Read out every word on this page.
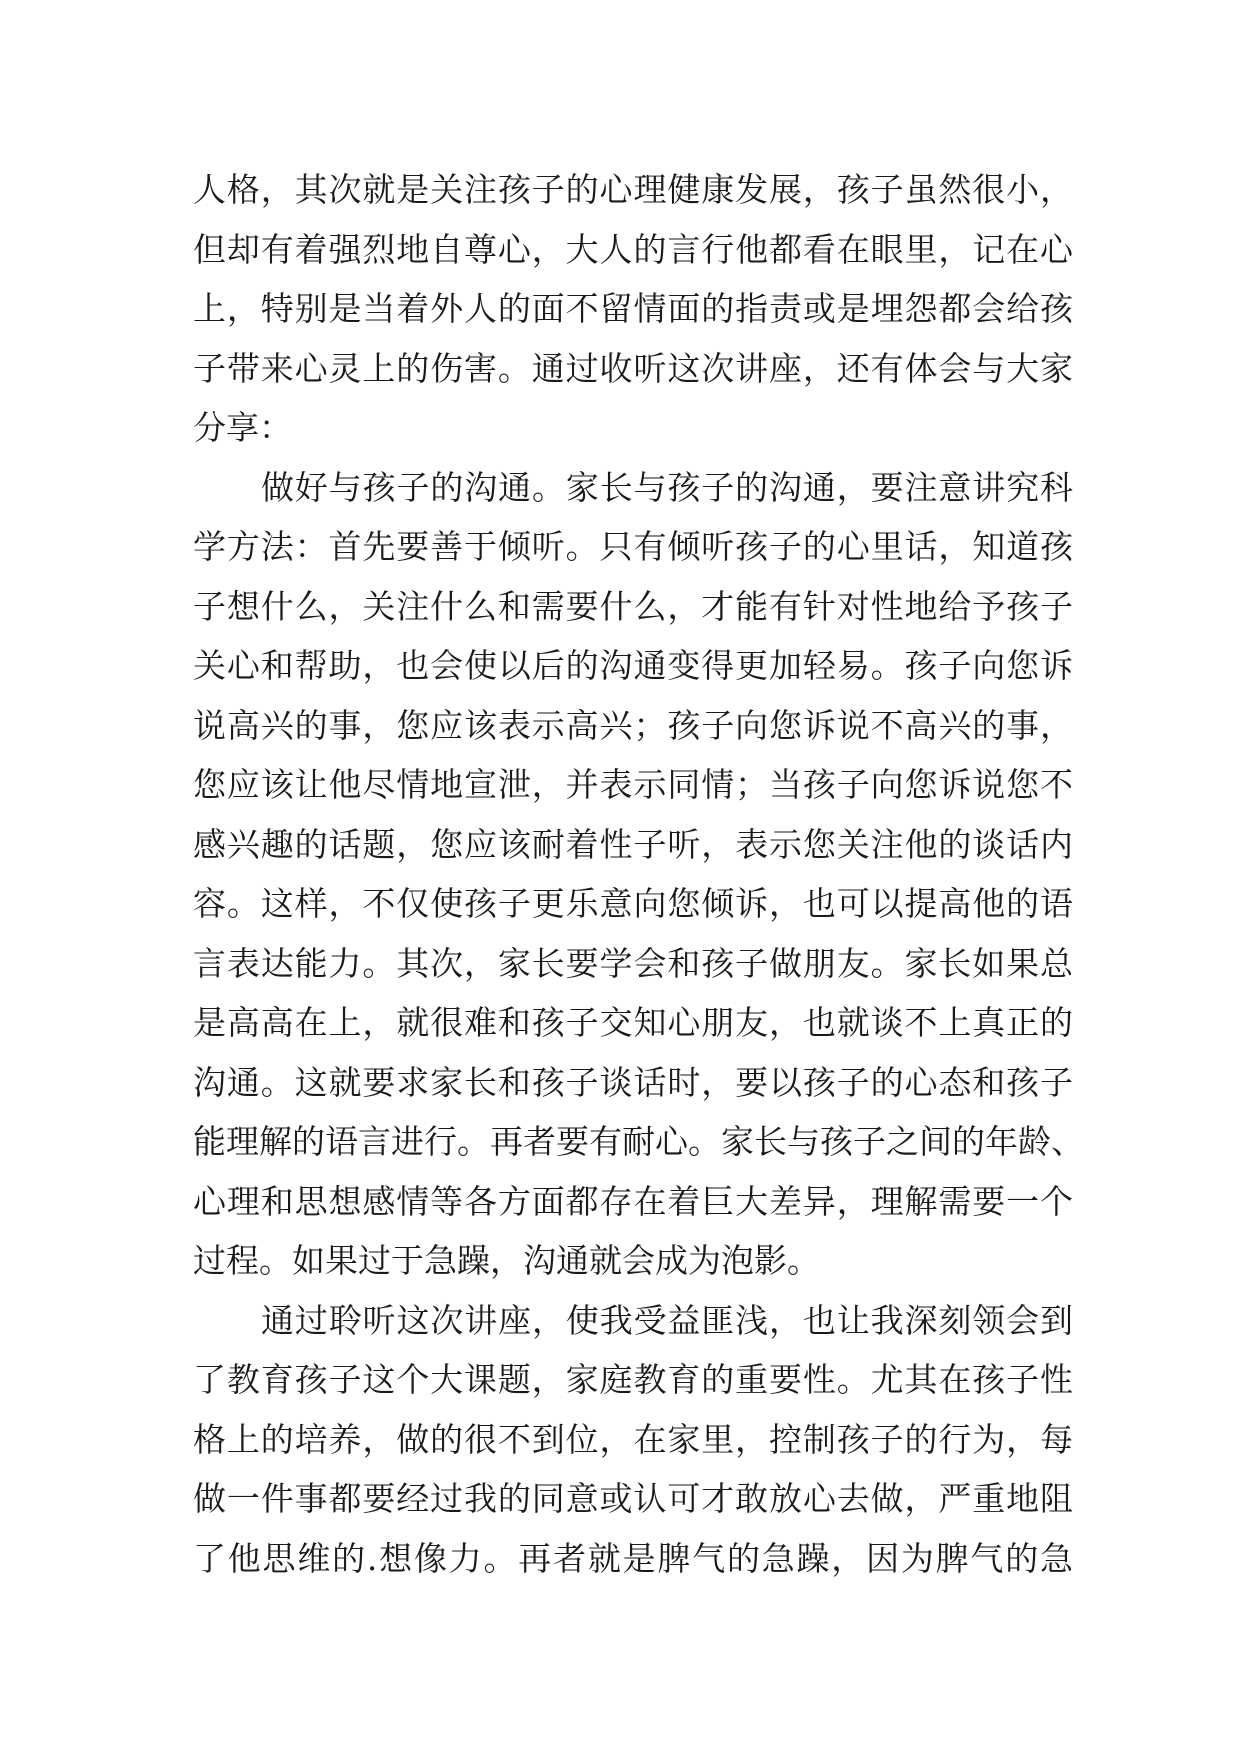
人格，其次就是关注孩子的心理健康发展，孩子虽然很小，
但却有着强烈地自尊心，大人的言行他都看在眼里，记在心
上，特别是当着外人的面不留情面的指责或是埋怨都会给孩
子带来心灵上的伤害。通过收听这次讲座，还有体会与大家
分享：
做好与孩子的沟通。家长与孩子的沟通，要注意讲究科
学方法：首先要善于倾听。只有倾听孩子的心里话，知道孩
子想什么，关注什么和需要什么，才能有针对性地给予孩子
关心和帮助，也会使以后的沟通变得更加轻易。孩子向您诉
说高兴的事，您应该表示高兴；孩子向您诉说不高兴的事，
您应该让他尽情地宣泄，并表示同情；当孩子向您诉说您不
感兴趣的话题，您应该耐着性子听，表示您关注他的谈话内
容。这样，不仅使孩子更乐意向您倾诉，也可以提高他的语
言表达能力。其次，家长要学会和孩子做朋友。家长如果总
是高高在上，就很难和孩子交知心朋友，也就谈不上真正的
沟通。这就要求家长和孩子谈话时，要以孩子的心态和孩子
能理解的语言进行。再者要有耐心。家长与孩子之间的年龄、
心理和思想感情等各方面都存在着巨大差异，理解需要一个
过程。如果过于急躁，沟通就会成为泡影。
通过聆听这次讲座，使我受益匪浅，也让我深刻领会到
了教育孩子这个大课题，家庭教育的重要性。尤其在孩子性
格上的培养，做的很不到位，在家里，控制孩子的行为，每
做一件事都要经过我的同意或认可才敢放心去做，严重地阻
了他思维的.想像力。再者就是脾气的急躁，因为脾气的急
